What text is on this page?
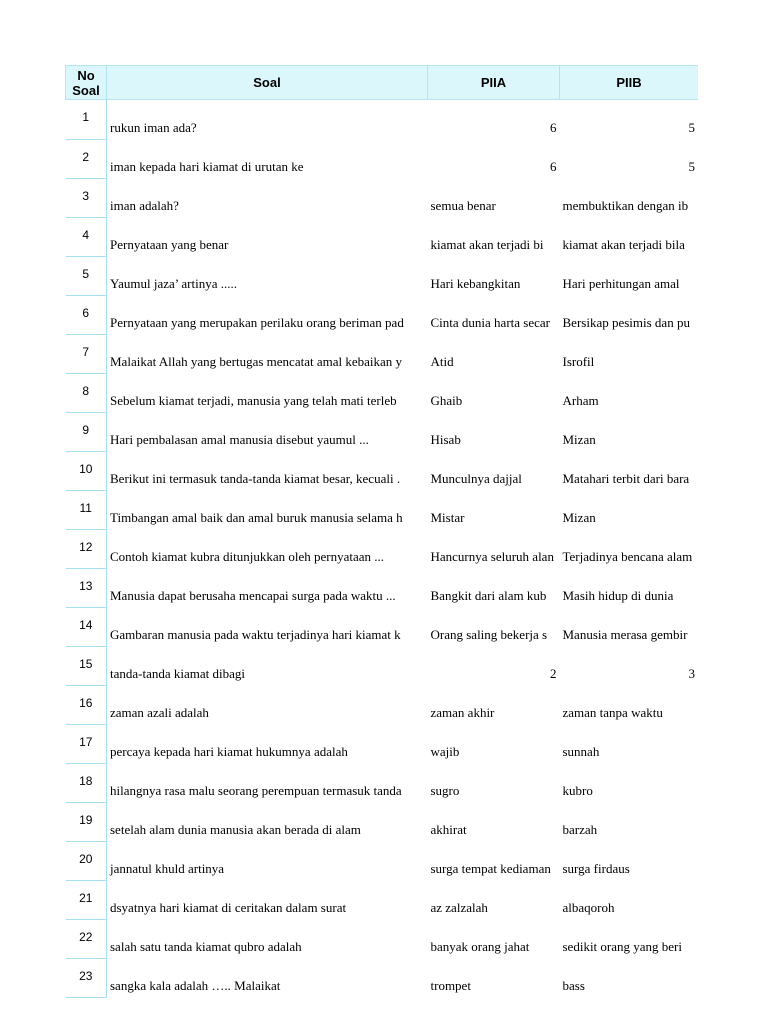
No Soal	Soal	PIIA	PIIB
1	rukun iman ada?	6	5
2	iman kepada hari kiamat di urutan ke	6	5
3	iman adalah?	semua benar	membuktikan dengan ib
4	Pernyataan yang benar	kiamat akan terjadi bi	kiamat akan terjadi bila
5	Yaumul jaza’ artinya .....	Hari kebangkitan	Hari perhitungan amal
6	Pernyataan yang merupakan perilaku orang beriman pad	Cinta dunia harta secar	Bersikap pesimis dan pu
7	Malaikat Allah yang bertugas mencatat amal kebaikan y	Atid	Isrofil
8	Sebelum kiamat terjadi, manusia yang telah mati terleb	Ghaib	Arham
9	Hari pembalasan amal manusia disebut yaumul ...	Hisab	Mizan
10	Berikut ini termasuk tanda-tanda kiamat besar, kecuali .	Munculnya dajjal	Matahari terbit dari bara
11	Timbangan amal baik dan amal buruk manusia selama h	Mistar	Mizan
12	Contoh kiamat kubra ditunjukkan oleh pernyataan ...	Hancurnya seluruh alan	Terjadinya bencana alam
13	Manusia dapat berusaha mencapai surga pada waktu ...	Bangkit dari alam kub	Masih hidup di dunia
14	Gambaran manusia pada waktu terjadinya hari kiamat k	Orang saling bekerja s	Manusia merasa gembir
15	tanda-tanda kiamat dibagi	2	3
16	zaman azali adalah	zaman akhir	zaman tanpa waktu
17	percaya kepada hari kiamat hukumnya adalah	wajib	sunnah
18	hilangnya rasa malu seorang perempuan termasuk tanda	sugro	kubro
19	setelah alam dunia manusia akan berada di alam	akhirat	barzah
20	jannatul khuld artinya	surga tempat kediaman	surga firdaus
21	dsyatnya hari kiamat di ceritakan dalam surat	az zalzalah	albaqoroh
22	salah satu tanda kiamat qubro adalah	banyak orang jahat	sedikit orang yang beri
23	sangka kala adalah ….. Malaikat	trompet	bass
